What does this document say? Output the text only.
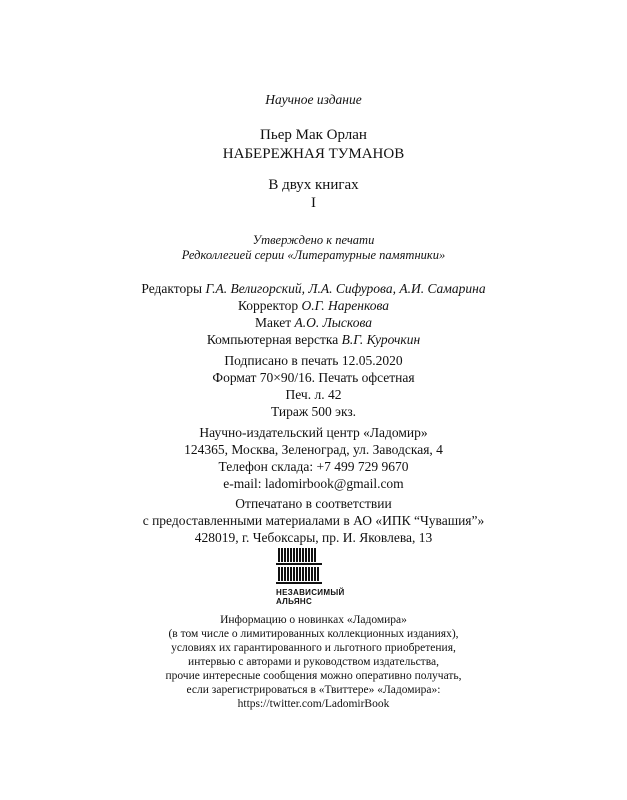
Научное издание
Пьер Мак Орлан
НАБЕРЕЖНАЯ ТУМАНОВ
В двух книгах
I
Утверждено к печати
Редколлегией серии «Литературные памятники»
Редакторы Г.А. Велигорский, Л.А. Сифурова, А.И. Самарина
Корректор О.Г. Наренкова
Макет А.О. Лыскова
Компьютерная верстка В.Г. Курочкин
Подписано в печать 12.05.2020
Формат 70×90/16. Печать офсетная
Печ. л. 42
Тираж 500 экз.
Научно-издательский центр «Ладомир»
124365, Москва, Зеленоград, ул. Заводская, 4
Телефон склада: +7 499 729 9670
e-mail: ladomirbook@gmail.com
Отпечатано в соответствии
с предоставленными материалами в АО «ИПК “Чувашия”»
428019, г. Чебоксары, пр. И. Яковлева, 13
НЕЗАВИСИМЫЙ
АЛЬЯНС
Информацию о новинках «Ладомира»
(в том числе о лимитированных коллекционных изданиях),
условиях их гарантированного и льготного приобретения,
интервью с авторами и руководством издательства,
прочие интересные сообщения можно оперативно получать,
если зарегистрироваться в «Твиттере» «Ладомира»:
https://twitter.com/LadomirBook
